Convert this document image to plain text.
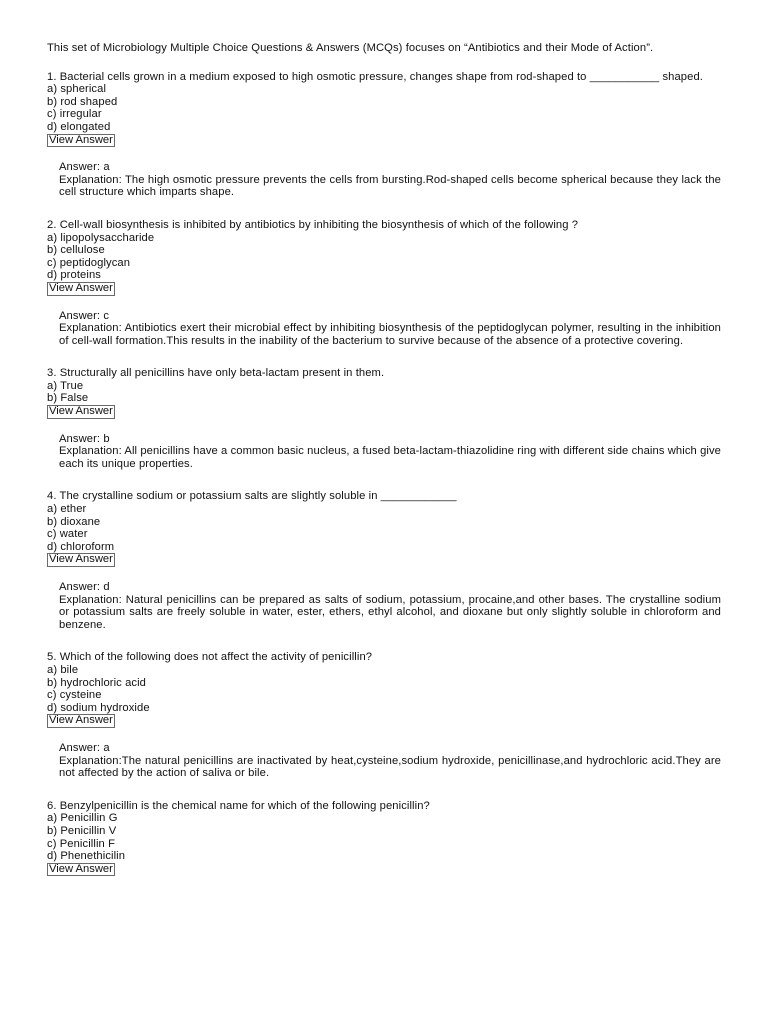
This set of Microbiology Multiple Choice Questions & Answers (MCQs) focuses on “Antibiotics and their Mode of Action”.

1. Bacterial cells grown in a medium exposed to high osmotic pressure, changes shape from rod-shaped to ___________ shaped.

a) spherical
b) rod shaped
c) irregular
d) elongated
View Answer

Answer: a

Explanation: The high osmotic pressure prevents the cells from bursting.Rod-shaped cells become spherical because they lack the cell structure which imparts shape.

2. Cell-wall biosynthesis is inhibited by antibiotics by inhibiting the biosynthesis of which of the following ?

a) lipopolysaccharide
b) cellulose
c) peptidoglycan
d) proteins
View Answer

Answer: c

Explanation: Antibiotics exert their microbial effect by inhibiting biosynthesis of the peptidoglycan polymer, resulting in the inhibition of cell-wall formation.This results in the inability of the bacterium to survive because of the absence of a protective covering.

3. Structurally all penicillins have only beta-lactam present in them.

a) True
b) False
View Answer

Answer: b

Explanation: All penicillins have a common basic nucleus, a fused beta-lactam-thiazolidine ring with different side chains which give each its unique properties.

4. The crystalline sodium or potassium salts are slightly soluble in ____________

a) ether
b) dioxane
c) water
d) chloroform
View Answer

Answer: d

Explanation: Natural penicillins can be prepared as salts of sodium, potassium, procaine,and other bases. The crystalline sodium or potassium salts are freely soluble in water, ester, ethers, ethyl alcohol, and dioxane but only slightly soluble in chloroform and benzene.

5. Which of the following does not affect the activity of penicillin?

a) bile
b) hydrochloric acid
c) cysteine
d) sodium hydroxide
View Answer

Answer: a

Explanation:The natural penicillins are inactivated by heat,cysteine,sodium hydroxide, penicillinase,and hydrochloric acid.They are not affected by the action of saliva or bile.

6. Benzylpenicillin is the chemical name for which of the following penicillin?

a) Penicillin G
b) Penicillin V
c) Penicillin F
d) Phenethicilin
View Answer
